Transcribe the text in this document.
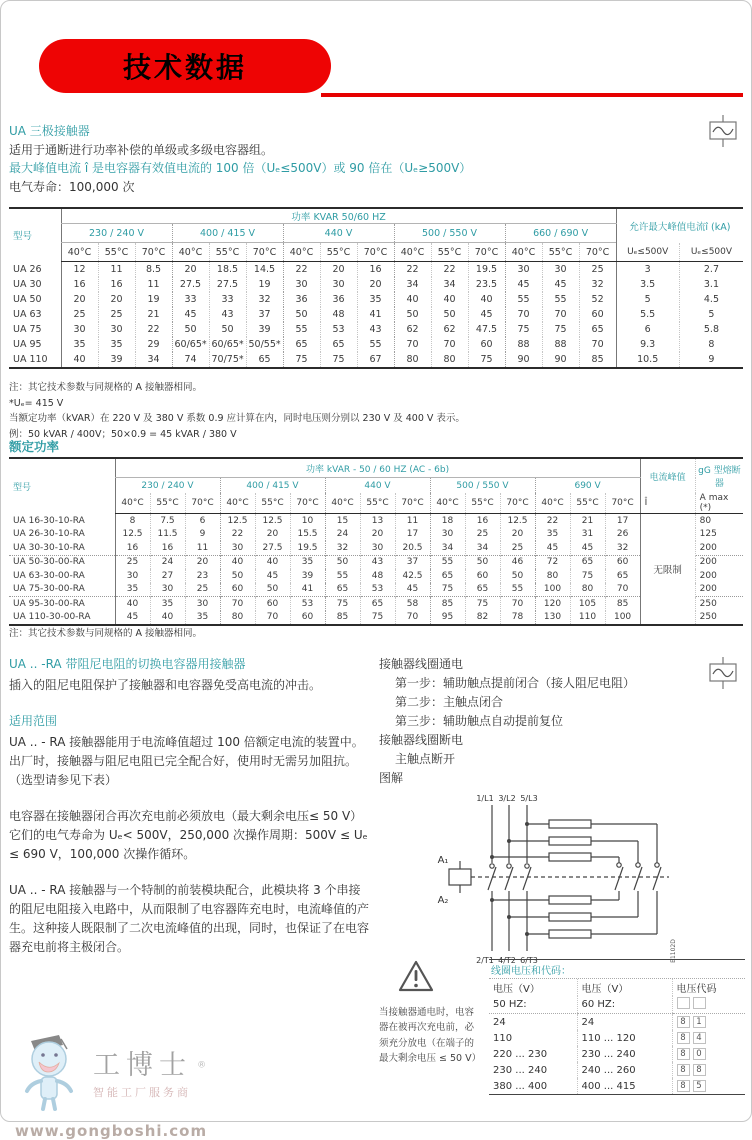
技术数据
UA 三极接触器
适用于通断进行功率补偿的单级或多级电容器组。
最大峰值电流 î 是电容器有效值电流的 100 倍（Uₑ≤500V）或 90 倍在（Uₑ≥500V）
电气寿命：100,000 次
型号	功率 KVAR 50/60 HZ															允许最大峰值电流î (kA)	
	230 / 240 V			400 / 415 V			440 V			500 / 550 V			660 / 690 V				
	40°C	55°C	70°C	40°C	55°C	70°C	40°C	55°C	70°C	40°C	55°C	70°C	40°C	55°C	70°C	Uₑ≤500V	Uₑ≤500V
UA 26	12	11	8.5	20	18.5	14.5	22	20	16	22	22	19.5	30	30	25	3	2.7
UA 30	16	16	11	27.5	27.5	19	30	30	20	34	34	23.5	45	45	32	3.5	3.1
UA 50	20	20	19	33	33	32	36	36	35	40	40	40	55	55	52	5	4.5
UA 63	25	25	21	45	43	37	50	48	41	50	50	45	70	70	60	5.5	5
UA 75	30	30	22	50	50	39	55	53	43	62	62	47.5	75	75	65	6	5.8
UA 95	35	35	29	60/65*	60/65*	50/55*	65	65	55	70	70	60	88	88	70	9.3	8
UA 110	40	39	34	74	70/75*	65	75	75	67	80	80	75	90	90	85	10.5	9
注：其它技术参数与同规格的 A 接触器相同。
*Uₑ= 415 V
当额定功率（kVAR）在 220 V 及 380 V 系数 0.9 应计算在内，同时电压则分别以 230 V 及 400 V 表示。
例：50 kVAR / 400V；50×0.9 = 45 kVAR / 380 V
额定功率
型号	功率 kVAR - 50 / 60 HZ (AC - 6b)															电流峰值	gG 型熔断器
	230 / 240 V			400 / 415 V			440 V			500 / 550 V			690 V				
	40°C	55°C	70°C	40°C	55°C	70°C	40°C	55°C	70°C	40°C	55°C	70°C	40°C	55°C	70°C	Î	A max (*)
UA 16-30-10-RA	8	7.5	6	12.5	12.5	10	15	13	11	18	16	12.5	22	21	17	无限制	80
UA 26-30-10-RA	12.5	11.5	9	22	20	15.5	24	20	17	30	25	20	35	31	26		125
UA 30-30-10-RA	16	16	11	30	27.5	19.5	32	30	20.5	34	34	25	45	45	32		200
UA 50-30-00-RA	25	24	20	40	40	35	50	43	37	55	50	46	72	65	60		200
UA 63-30-00-RA	30	27	23	50	45	39	55	48	42.5	65	60	50	80	75	65		200
UA 75-30-00-RA	35	30	25	60	50	41	65	53	45	75	65	55	100	80	70		200
UA 95-30-00-RA	40	35	30	70	60	53	75	65	58	85	75	70	120	105	85		250
UA 110-30-00-RA	45	40	35	80	70	60	85	75	70	95	82	78	130	110	100		250
注：其它技术参数与同规格的 A 接触器相同。
UA .. -RA 带阻尼电阻的切换电容器用接触器

插入的阻尼电阻保护了接触器和电容器免受高电流的冲击。

适用范围

UA .. - RA 接触器能用于电流峰值超过 100 倍额定电流的装置中。出厂时，接触器与阻尼电阻已完全配合好，使用时无需另加阻抗。（选型请参见下表）

电容器在接触器闭合再次充电前必须放电（最大剩余电压≤ 50 V）它们的电气寿命为 Uₑ< 500V，250,000 次操作周期：500V ≤ Uₑ ≤ 690 V，100,000 次操作循环。

UA .. - RA 接触器与一个特制的前装模块配合，此模块将 3 个串接的阻尼电阻接入电路中，从而限制了电容器阵充电时，电流峰值的产生。这种接人既限制了二次电流峰值的出现，同时，也保证了在电容器充电前将主极闭合。

接触器线圈通电
第一步：辅助触点提前闭合（接人阻尼电阻）
第二步：主触点闭合
第三步：辅助触点自动提前复位
接触器线圈断电
主触点断开
图解
1/L1 3/L2 5/L3
2/T1 4/T2 6/T3
A₁
A₂
E1102D
当接触器通电时，电容器在被再次充电前，必须充分放电（在端子的最大剩余电压 ≤ 50 V）
线圈电压和代码：
电压（V）	电压（V）	电压代码
50 HZ:	60 HZ:	
24	24	8 1
110	110 ... 120	8 4
220 ... 230	230 ... 240	8 0
230 ... 240	240 ... 260	8 8
380 ... 400	400 ... 415	8 5
工博士 ®
智能工厂服务商
www.gongboshi.com
